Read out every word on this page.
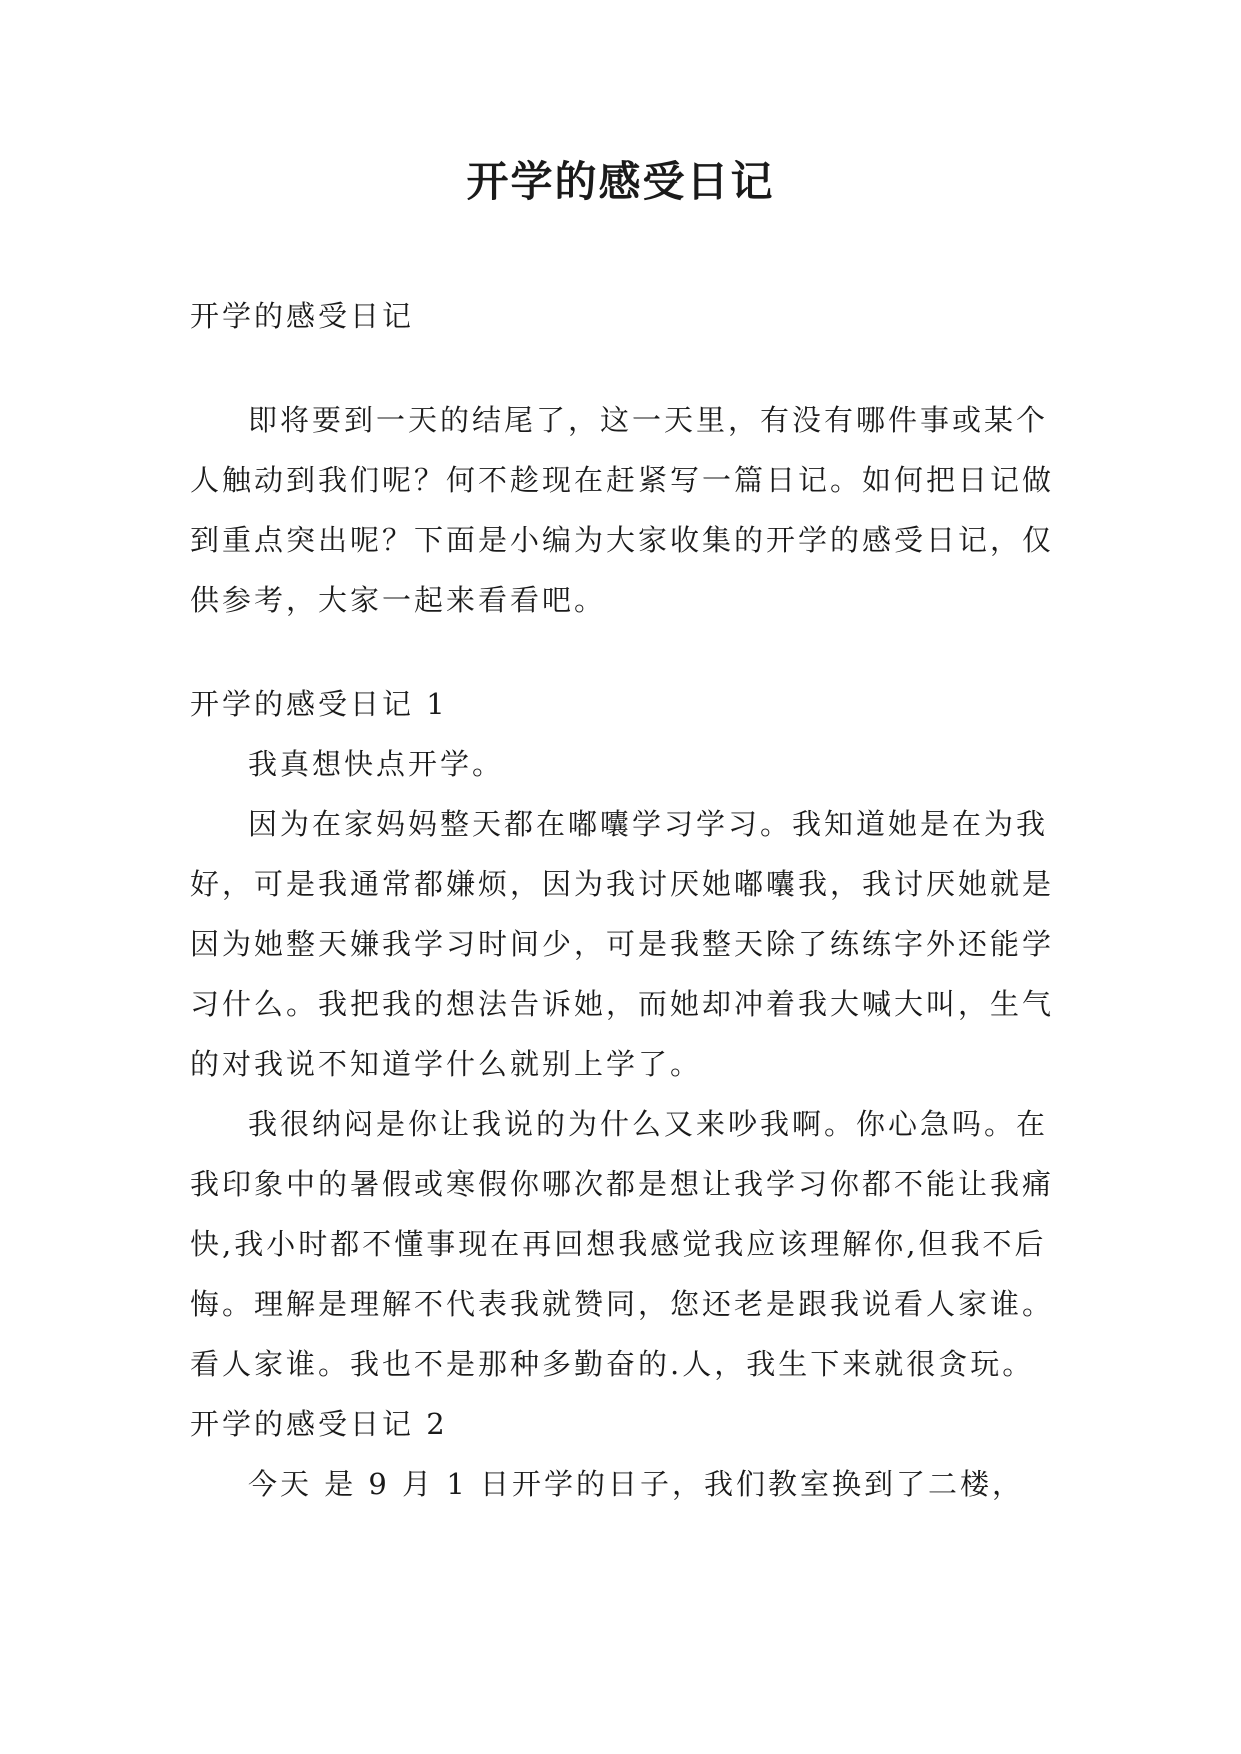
开学的感受日记

开学的感受日记

即将要到一天的结尾了，这一天里，有没有哪件事或某个人触动到我们呢？何不趁现在赶紧写一篇日记。如何把日记做到重点突出呢？下面是小编为大家收集的开学的感受日记，仅供参考，大家一起来看看吧。

开学的感受日记 1

我真想快点开学。

因为在家妈妈整天都在嘟囔学习学习。我知道她是在为我好，可是我通常都嫌烦，因为我讨厌她嘟囔我，我讨厌她就是因为她整天嫌我学习时间少，可是我整天除了练练字外还能学习什么。我把我的想法告诉她，而她却冲着我大喊大叫，生气的对我说不知道学什么就别上学了。

我很纳闷是你让我说的为什么又来吵我啊。你心急吗。在我印象中的暑假或寒假你哪次都是想让我学习你都不能让我痛快,我小时都不懂事现在再回想我感觉我应该理解你,但我不后悔。理解是理解不代表我就赞同，您还老是跟我说看人家谁。看人家谁。我也不是那种多勤奋的.人，我生下来就很贪玩。

开学的感受日记 2

今天 是 9 月 1 日开学的日子，我们教室换到了二楼，
